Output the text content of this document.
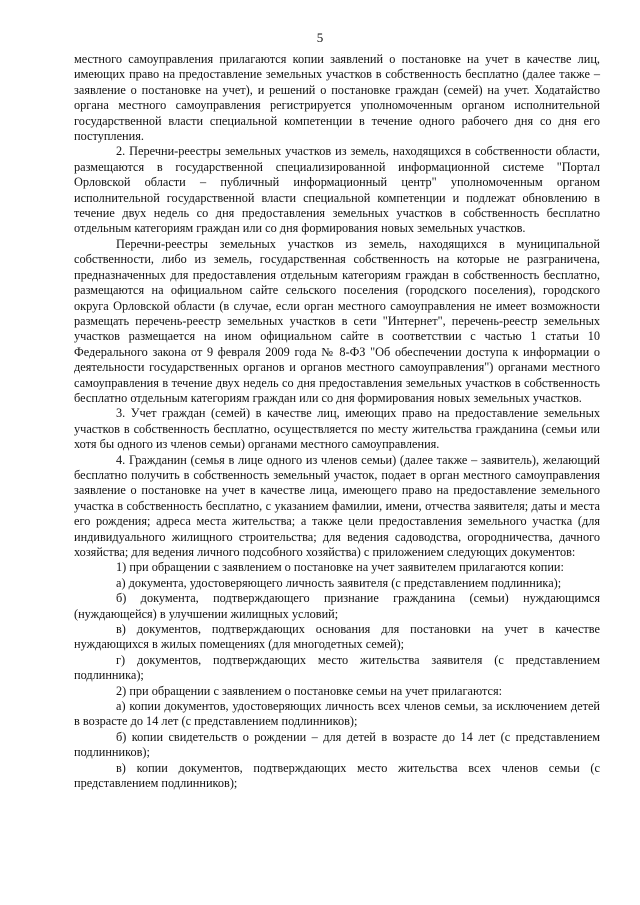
5

местного самоуправления прилагаются копии заявлений о постановке на учет в качестве лиц, имеющих право на предоставление земельных участков в собственность бесплатно (далее также – заявление о постановке на учет), и решений о постановке граждан (семей) на учет. Ходатайство органа местного самоуправления регистрируется уполномоченным органом исполнительной государственной власти специальной компетенции в течение одного рабочего дня со дня его поступления.

2. Перечни-реестры земельных участков из земель, находящихся в собственности области, размещаются в государственной специализированной информационной системе "Портал Орловской области – публичный информационный центр" уполномоченным органом исполнительной государственной власти специальной компетенции и подлежат обновлению в течение двух недель со дня предоставления земельных участков в собственность бесплатно отдельным категориям граждан или со дня формирования новых земельных участков.

Перечни-реестры земельных участков из земель, находящихся в муниципальной собственности, либо из земель, государственная собственность на которые не разграничена, предназначенных для предоставления отдельным категориям граждан в собственность бесплатно, размещаются на официальном сайте сельского поселения (городского поселения), городского округа Орловской области (в случае, если орган местного самоуправления не имеет возможности размещать перечень-реестр земельных участков в сети "Интернет", перечень-реестр земельных участков размещается на ином официальном сайте в соответствии с частью 1 статьи 10 Федерального закона от 9 февраля 2009 года № 8-ФЗ "Об обеспечении доступа к информации о деятельности государственных органов и органов местного самоуправления") органами местного самоуправления в течение двух недель со дня предоставления земельных участков в собственность бесплатно отдельным категориям граждан или со дня формирования новых земельных участков.

3. Учет граждан (семей) в качестве лиц, имеющих право на предоставление земельных участков в собственность бесплатно, осуществляется по месту жительства гражданина (семьи или хотя бы одного из членов семьи) органами местного самоуправления.

4. Гражданин (семья в лице одного из членов семьи) (далее также – заявитель), желающий бесплатно получить в собственность земельный участок, подает в орган местного самоуправления заявление о постановке на учет в качестве лица, имеющего право на предоставление земельного участка в собственность бесплатно, с указанием фамилии, имени, отчества заявителя; даты и места его рождения; адреса места жительства; а также цели предоставления земельного участка (для индивидуального жилищного строительства; для ведения садоводства, огородничества, дачного хозяйства; для ведения личного подсобного хозяйства) с приложением следующих документов:

1) при обращении с заявлением о постановке на учет заявителем прилагаются копии:

а) документа, удостоверяющего личность заявителя (с представлением подлинника);

б) документа, подтверждающего признание гражданина (семьи) нуждающимся (нуждающейся) в улучшении жилищных условий;

в) документов, подтверждающих основания для постановки на учет в качестве нуждающихся в жилых помещениях (для многодетных семей);

г) документов, подтверждающих место жительства заявителя (с представлением подлинника);

2) при обращении с заявлением о постановке семьи на учет прилагаются:

а) копии документов, удостоверяющих личность всех членов семьи, за исключением детей в возрасте до 14 лет (с представлением подлинников);

б) копии свидетельств о рождении – для детей в возрасте до 14 лет (с представлением подлинников);

в) копии документов, подтверждающих место жительства всех членов семьи (с представлением подлинников);
